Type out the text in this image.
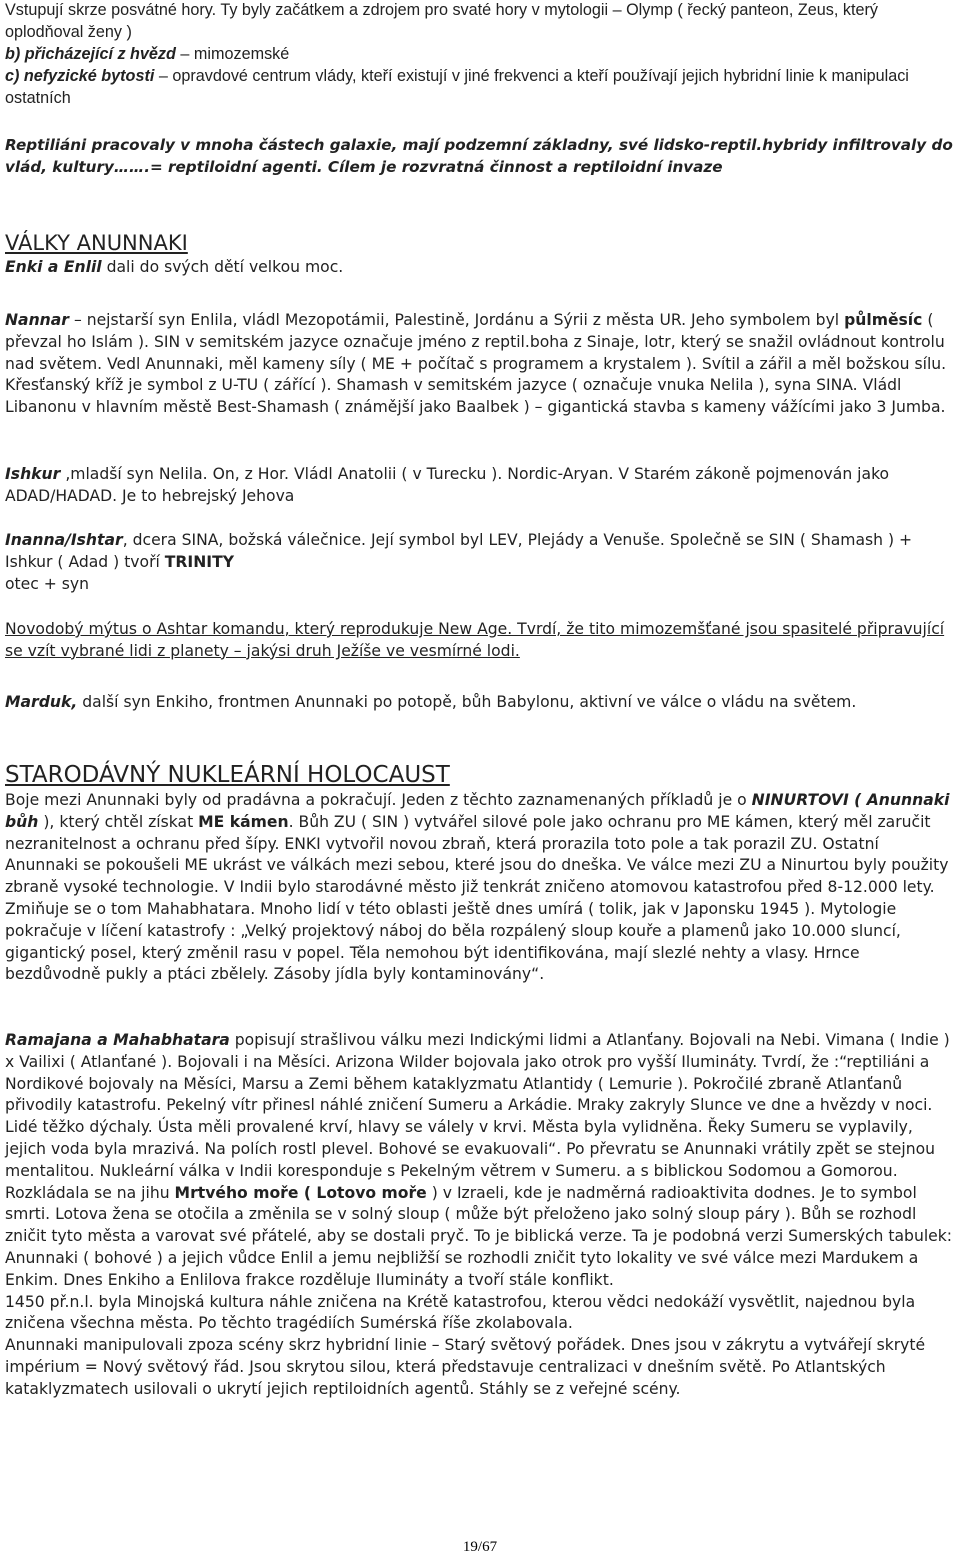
Vstupují skrze posvátné hory. Ty byly začátkem a zdrojem pro svaté hory v mytologii – Olymp ( řecký panteon, Zeus, který oplodňoval ženy )
b) přicházející z hvězd – mimozemské
c) nefyzické bytosti – opravdové centrum vlády, kteří existují v jiné frekvenci a kteří používají jejich hybridní linie k manipulaci ostatních

Reptiliáni pracovaly v mnoha částech galaxie, mají podzemní základny, své lidsko-reptil.hybridy infiltrovaly do vlád, kultury…….= reptiloidní agenti. Cílem je rozvratná činnost a reptiloidní invaze

VÁLKY ANUNNAKI

Enki a Enlil dali do svých dětí velkou moc.

Nannar – nejstarší syn Enlila, vládl Mezopotámii, Palestině, Jordánu a Sýrii z města UR. Jeho symbolem byl půlměsíc ( převzal ho Islám ). SIN v semitském jazyce označuje jméno z reptil.boha z Sinaje, lotr, který se snažil ovládnout kontrolu nad světem. Vedl Anunnaki, měl kameny síly ( ME + počítač s programem a krystalem ). Svítil a zářil a měl božskou sílu. Křesťanský kříž je symbol z U-TU ( zářící ). Shamash v semitském jazyce ( označuje vnuka Nelila ), syna SINA. Vládl Libanonu v hlavním městě Best-Shamash ( známější jako Baalbek ) – gigantická stavba s kameny vážícími jako 3 Jumba.

Ishkur ,mladší syn Nelila. On, z Hor. Vládl Anatolii ( v Turecku ). Nordic-Aryan. V Starém zákoně pojmenován jako ADAD/HADAD. Je to hebrejský Jehova

Inanna/Ishtar, dcera SINA, božská válečnice. Její symbol byl LEV, Plejády a Venuše. Společně se SIN ( Shamash ) + Ishkur ( Adad ) tvoří TRINITY
otec + syn

Novodobý mýtus o Ashtar komandu, který reprodukuje New Age. Tvrdí, že tito mimozemšťané jsou spasitelé připravující se vzít vybrané lidi z planety – jakýsi druh Ježíše ve vesmírné lodi.

Marduk, další syn Enkiho, frontmen Anunnaki po potopě, bůh Babylonu, aktivní ve válce o vládu na světem.

STARODÁVNÝ NUKLEÁRNÍ HOLOCAUST

Boje mezi Anunnaki byly od pradávna a pokračují. Jeden z těchto zaznamenaných příkladů je o NINURTOVI ( Anunnaki bůh ), který chtěl získat ME kámen. Bůh ZU ( SIN ) vytvářel silové pole jako ochranu pro ME kámen, který měl zaručit nezranitelnost a ochranu před šípy. ENKI vytvořil novou zbraň, která prorazila toto pole a tak porazil ZU. Ostatní Anunnaki se pokoušeli ME ukrást ve válkách mezi sebou, které jsou do dneška. Ve válce mezi ZU a Ninurtou byly použity zbraně vysoké technologie. V Indii bylo starodávné město již tenkrát zničeno atomovou katastrofou před 8-12.000 lety. Zmiňuje se o tom Mahabhatara. Mnoho lidí v této oblasti ještě dnes umírá ( tolik, jak v Japonsku 1945 ). Mytologie pokračuje v líčení katastrofy : „Velký projektový náboj do běla rozpálený sloup kouře a plamenů jako 10.000 sluncí, gigantický posel, který změnil rasu v popel. Těla nemohou být identifikována, mají slezlé nehty a vlasy. Hrnce bezdůvodně pukly a ptáci zbělely. Zásoby jídla byly kontaminovány“.

Ramajana a Mahabhatara popisují strašlivou válku mezi Indickými lidmi a Atlanťany. Bojovali na Nebi. Vimana ( Indie ) x Vailixi ( Atlanťané ). Bojovali i na Měsíci. Arizona Wilder bojovala jako otrok pro vyšší Ilumináty. Tvrdí, že :“reptiliáni a Nordikové bojovaly na Měsíci, Marsu a Zemi během kataklyzmatu Atlantidy ( Lemurie ). Pokročilé zbraně Atlanťanů přivodily katastrofu. Pekelný vítr přinesl náhlé zničení Sumeru a Arkádie. Mraky zakryly Slunce ve dne a hvězdy v noci. Lidé těžko dýchaly. Ústa měli provalené krví, hlavy se válely v krvi. Města byla vylidněna. Řeky Sumeru se vyplavily, jejich voda byla mrazivá. Na polích rostl plevel. Bohové se evakuovali“. Po převratu se Anunnaki vrátily zpět se stejnou mentalitou. Nukleární válka v Indii koresponduje s Pekelným větrem v Sumeru. a s biblickou Sodomou a Gomorou. Rozkládala se na jihu Mrtvého moře ( Lotovo moře ) v Izraeli, kde je nadměrná radioaktivita dodnes. Je to symbol smrti. Lotova žena se otočila a změnila se v solný sloup ( může být přeloženo jako solný sloup páry ). Bůh se rozhodl zničit tyto města a varovat své přátelé, aby se dostali pryč. To je biblická verze. Ta je podobná verzi Sumerských tabulek: Anunnaki ( bohové ) a jejich vůdce Enlil a jemu nejbližší se rozhodli zničit tyto lokality ve své válce mezi Mardukem a Enkim. Dnes Enkiho a Enlilova frakce rozděluje Ilumináty a tvoří stále konflikt.

1450 př.n.l. byla Minojská kultura náhle zničena na Krétě katastrofou, kterou vědci nedokáží vysvětlit, najednou byla zničena všechna města. Po těchto tragédiích Sumérská říše zkolabovala.

Anunnaki manipulovali zpoza scény skrz hybridní linie – Starý světový pořádek. Dnes jsou v zákrytu a vytvářejí skryté impérium = Nový světový řád. Jsou skrytou silou, která představuje centralizaci v dnešním světě. Po Atlantských kataklyzmatech usilovali o ukrytí jejich reptiloidních agentů. Stáhly se z veřejné scény.

19/67
